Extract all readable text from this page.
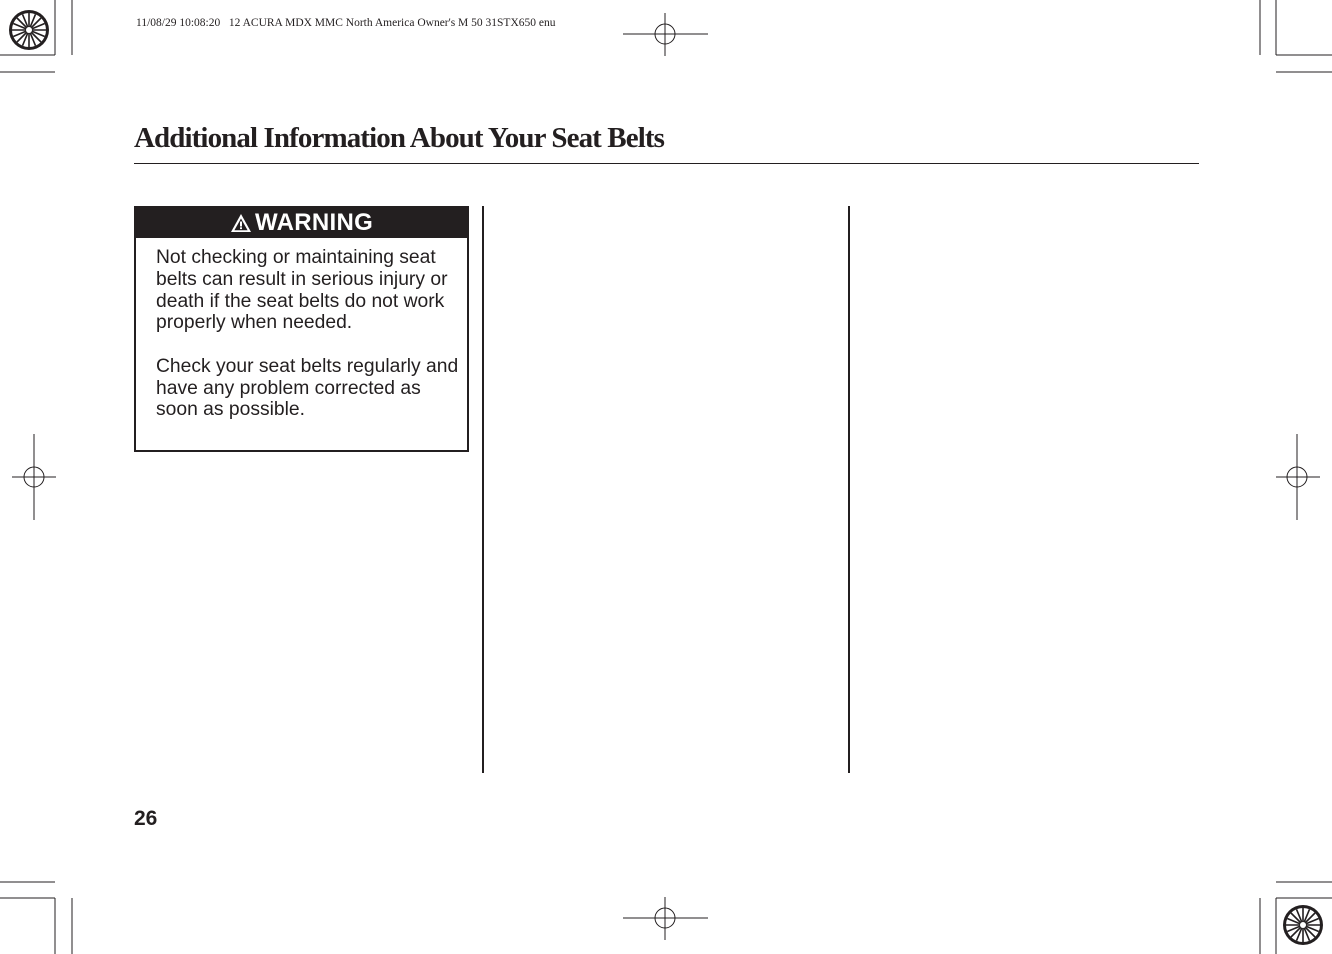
11/08/29 10:08:20   12 ACURA MDX MMC North America Owner's M 50 31STX650 enu
Additional Information About Your Seat Belts
WARNING

Not checking or maintaining seat belts can result in serious injury or death if the seat belts do not work properly when needed.

Check your seat belts regularly and have any problem corrected as soon as possible.

26
